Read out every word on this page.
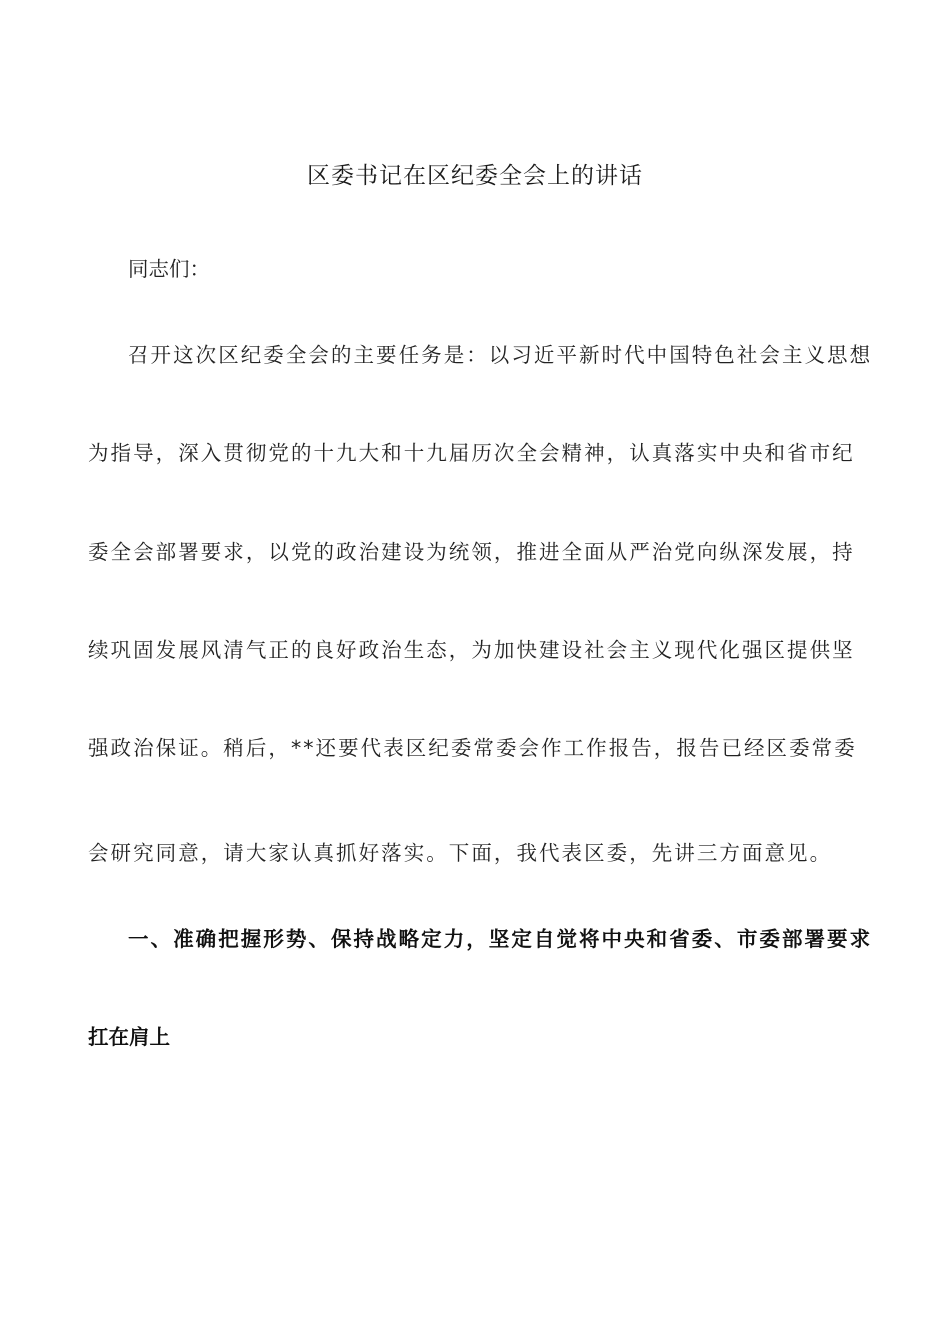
区委书记在区纪委全会上的讲话
同志们：
召开这次区纪委全会的主要任务是：以习近平新时代中国特色社会主义思想
为指导，深入贯彻党的十九大和十九届历次全会精神，认真落实中央和省市纪
委全会部署要求，以党的政治建设为统领，推进全面从严治党向纵深发展，持
续巩固发展风清气正的良好政治生态，为加快建设社会主义现代化强区提供坚
强政治保证。稍后，**还要代表区纪委常委会作工作报告，报告已经区委常委
会研究同意，请大家认真抓好落实。下面，我代表区委，先讲三方面意见。
一、准确把握形势、保持战略定力，坚定自觉将中央和省委、市委部署要求
扛在肩上
